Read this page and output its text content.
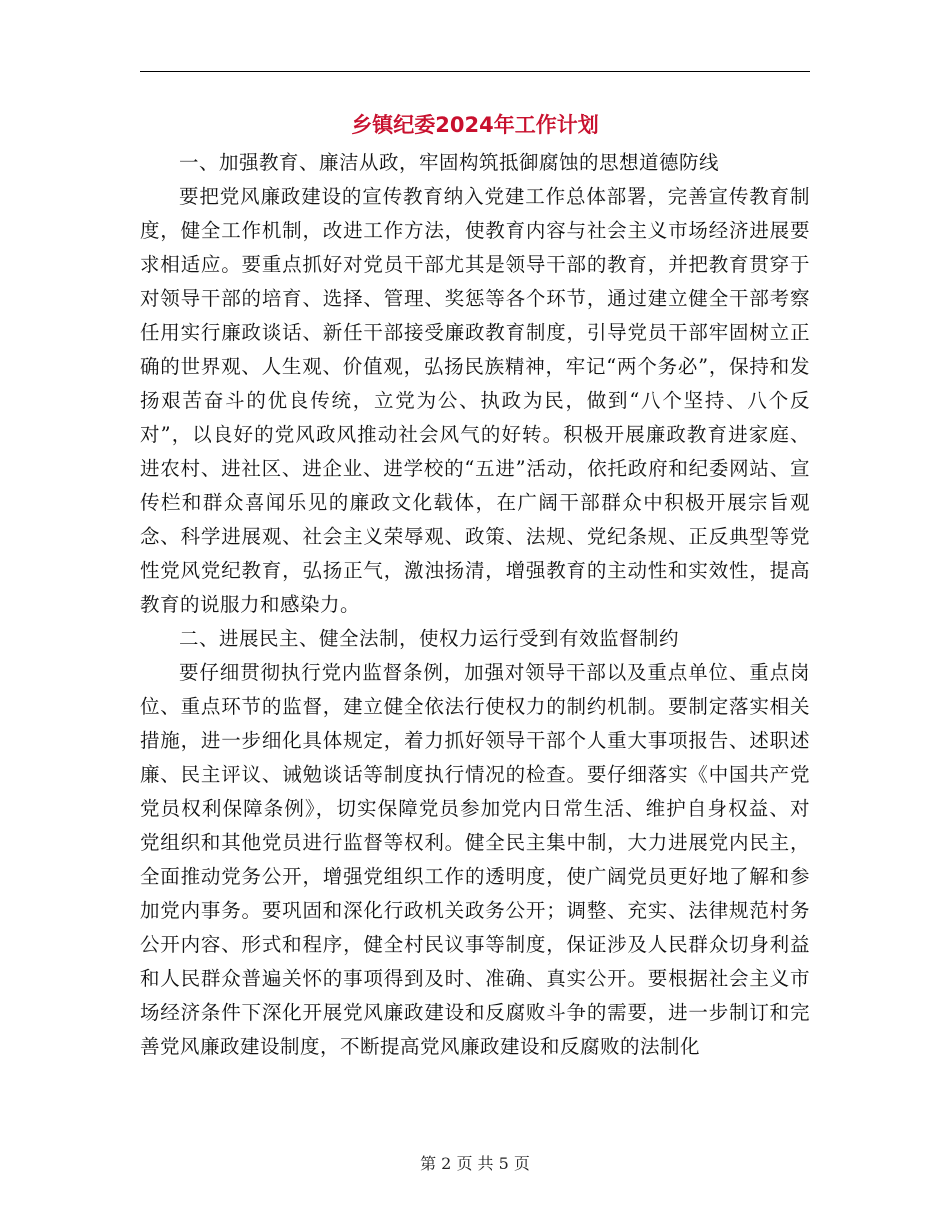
乡镇纪委2024年工作计划

一、加强教育、廉洁从政，牢固构筑抵御腐蚀的思想道德防线

要把党风廉政建设的宣传教育纳入党建工作总体部署，完善宣传教育制度，健全工作机制，改进工作方法，使教育内容与社会主义市场经济进展要求相适应。要重点抓好对党员干部尤其是领导干部的教育，并把教育贯穿于对领导干部的培育、选择、管理、奖惩等各个环节，通过建立健全干部考察任用实行廉政谈话、新任干部接受廉政教育制度，引导党员干部牢固树立正确的世界观、人生观、价值观，弘扬民族精神，牢记“两个务必”，保持和发扬艰苦奋斗的优良传统，立党为公、执政为民，做到“八个坚持、八个反对”，以良好的党风政风推动社会风气的好转。积极开展廉政教育进家庭、进农村、进社区、进企业、进学校的“五进”活动，依托政府和纪委网站、宣传栏和群众喜闻乐见的廉政文化载体，在广阔干部群众中积极开展宗旨观念、科学进展观、社会主义荣辱观、政策、法规、党纪条规、正反典型等党性党风党纪教育，弘扬正气，激浊扬清，增强教育的主动性和实效性，提高教育的说服力和感染力。

二、进展民主、健全法制，使权力运行受到有效监督制约

要仔细贯彻执行党内监督条例，加强对领导干部以及重点单位、重点岗位、重点环节的监督，建立健全依法行使权力的制约机制。要制定落实相关措施，进一步细化具体规定，着力抓好领导干部个人重大事项报告、述职述廉、民主评议、诫勉谈话等制度执行情况的检查。要仔细落实《中国共产党党员权利保障条例》，切实保障党员参加党内日常生活、维护自身权益、对党组织和其他党员进行监督等权利。健全民主集中制，大力进展党内民主，全面推动党务公开，增强党组织工作的透明度，使广阔党员更好地了解和参加党内事务。要巩固和深化行政机关政务公开；调整、充实、法律规范村务公开内容、形式和程序，健全村民议事等制度，保证涉及人民群众切身利益和人民群众普遍关怀的事项得到及时、准确、真实公开。要根据社会主义市场经济条件下深化开展党风廉政建设和反腐败斗争的需要，进一步制订和完善党风廉政建设制度，不断提高党风廉政建设和反腐败的法制化

第 2 页 共 5 页
